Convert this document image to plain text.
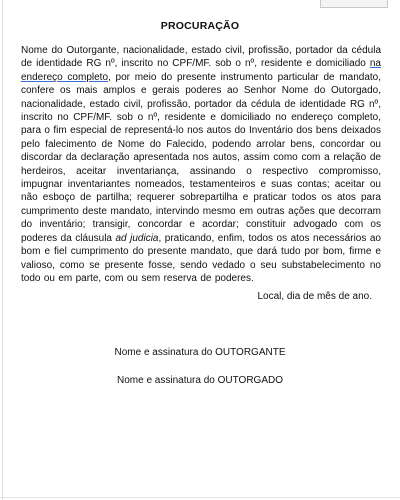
PROCURAÇÃO

Nome do Outorgante, nacionalidade, estado civil, profissão, portador da cédula de identidade RG nº, inscrito no CPF/MF. sob o nº, residente e domiciliado na endereço completo, por meio do presente instrumento particular de mandato, confere os mais amplos e gerais poderes ao Senhor Nome do Outorgado, nacionalidade, estado civil, profissão, portador da cédula de identidade RG nº, inscrito no CPF/MF. sob o nº, residente e domiciliado no endereço completo, para o fim especial de representá-lo nos autos do Inventário dos bens deixados pelo falecimento de Nome do Falecido, podendo arrolar bens, concordar ou discordar da declaração apresentada nos autos, assim como com a relação de herdeiros, aceitar inventariança, assinando o respectivo compromisso, impugnar inventariantes nomeados, testamenteiros e suas contas; aceitar ou não esboço de partilha; requerer sobrepartilha e praticar todos os atos para cumprimento deste mandato, intervindo mesmo em outras ações que decorram do inventário; transigir, concordar e acordar; constituir advogado com os poderes da cláusula ad judicia, praticando, enfim, todos os atos necessários ao bom e fiel cumprimento do presente mandato, que dará tudo por bom, firme e valioso, como se presente fosse, sendo vedado o seu substabelecimento no todo ou em parte, com ou sem reserva de poderes.

Local, dia de mês de ano.
Nome e assinatura do OUTORGANTE
Nome e assinatura do OUTORGADO
